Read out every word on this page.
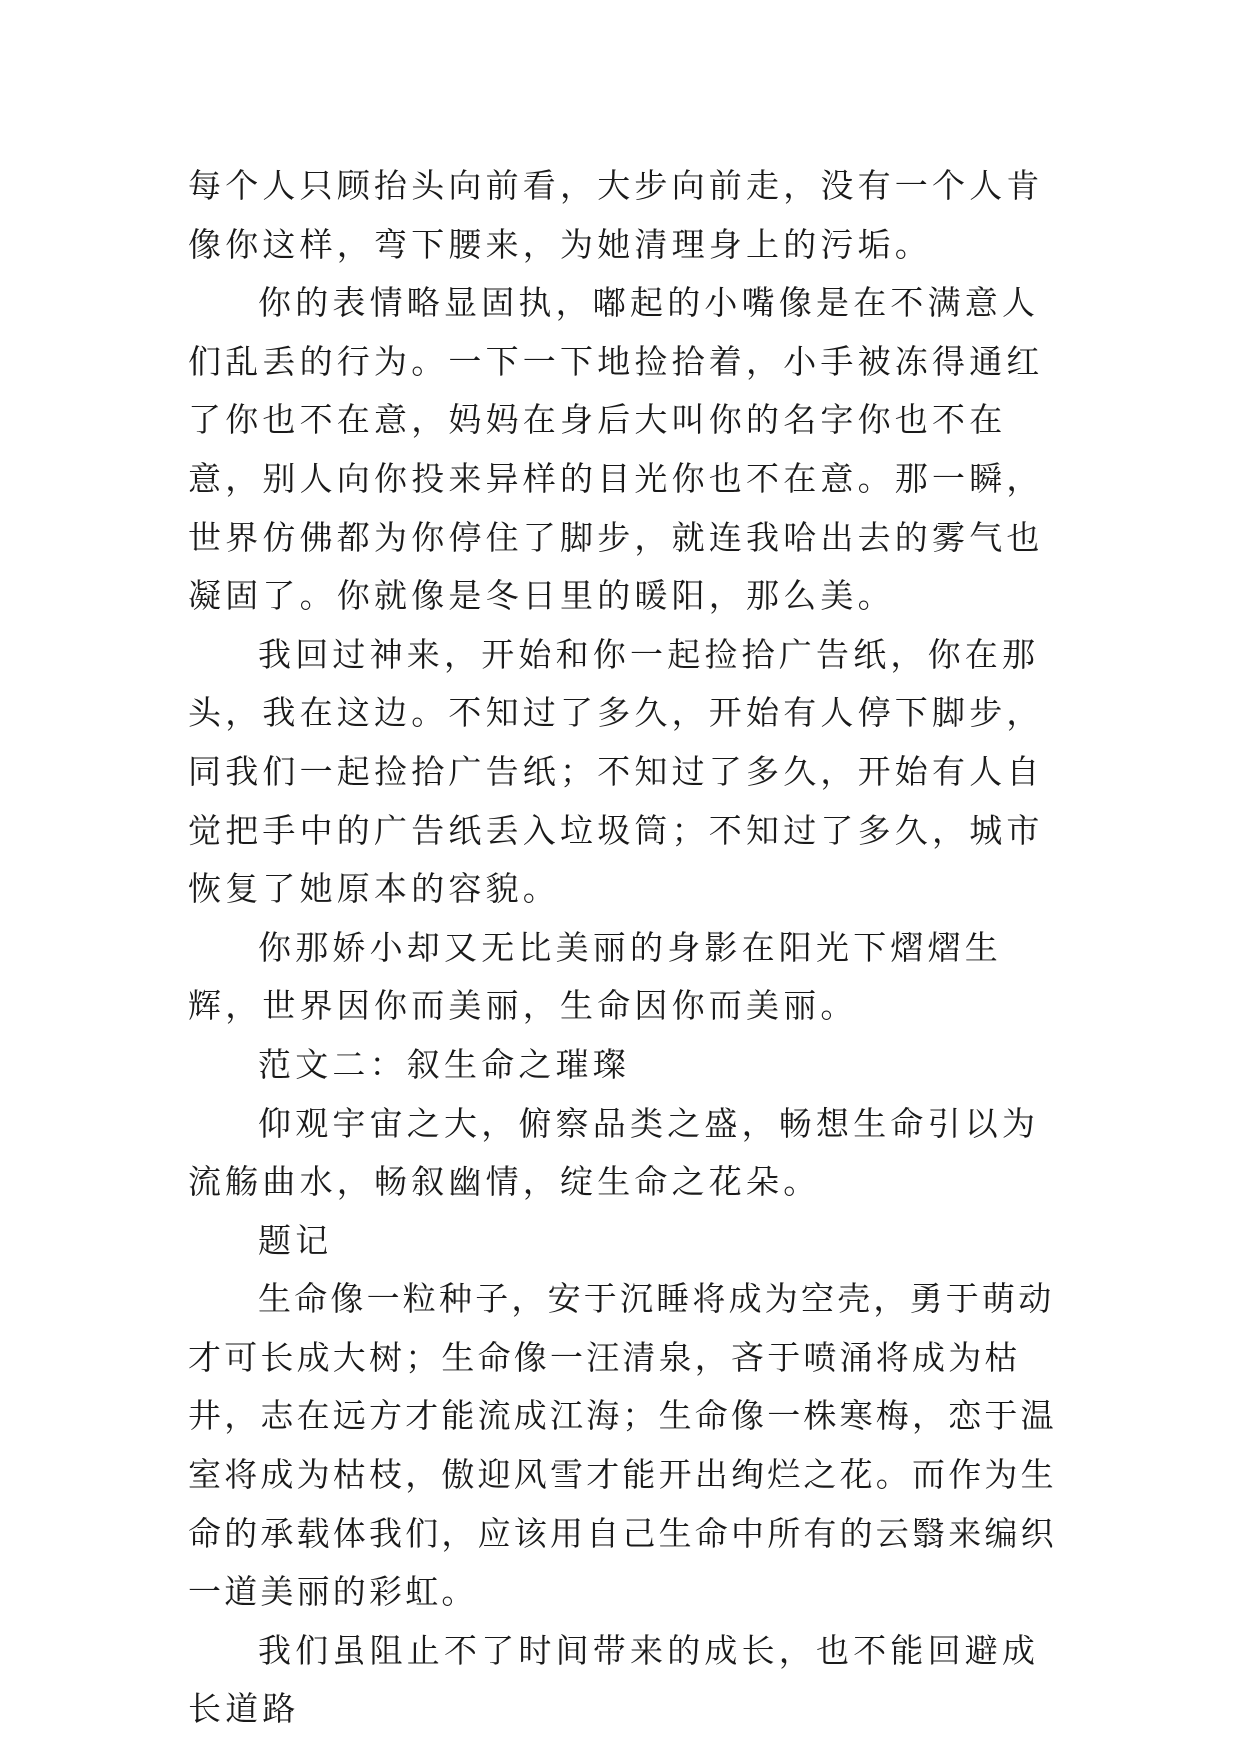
每个人只顾抬头向前看，大步向前走，没有一个人肯像你这样，弯下腰来，为她清理身上的污垢。

你的表情略显固执，嘟起的小嘴像是在不满意人们乱丢的行为。一下一下地捡拾着，小手被冻得通红了你也不在意，妈妈在身后大叫你的名字你也不在意，别人向你投来异样的目光你也不在意。那一瞬，世界仿佛都为你停住了脚步，就连我哈出去的雾气也凝固了。你就像是冬日里的暖阳，那么美。

我回过神来，开始和你一起捡拾广告纸，你在那头，我在这边。不知过了多久，开始有人停下脚步，同我们一起捡拾广告纸；不知过了多久，开始有人自觉把手中的广告纸丢入垃圾筒；不知过了多久，城市恢复了她原本的容貌。

你那娇小却又无比美丽的身影在阳光下熠熠生辉，世界因你而美丽，生命因你而美丽。

范文二：叙生命之璀璨

仰观宇宙之大，俯察品类之盛，畅想生命引以为流觞曲水，畅叙幽情，绽生命之花朵。

题记

生命像一粒种子，安于沉睡将成为空壳，勇于萌动才可长成大树；生命像一汪清泉，吝于喷涌将成为枯井，志在远方才能流成江海；生命像一株寒梅，恋于温室将成为枯枝，傲迎风雪才能开出绚烂之花。而作为生命的承载体我们，应该用自己生命中所有的云翳来编织一道美丽的彩虹。

我们虽阻止不了时间带来的成长，也不能回避成长道路
